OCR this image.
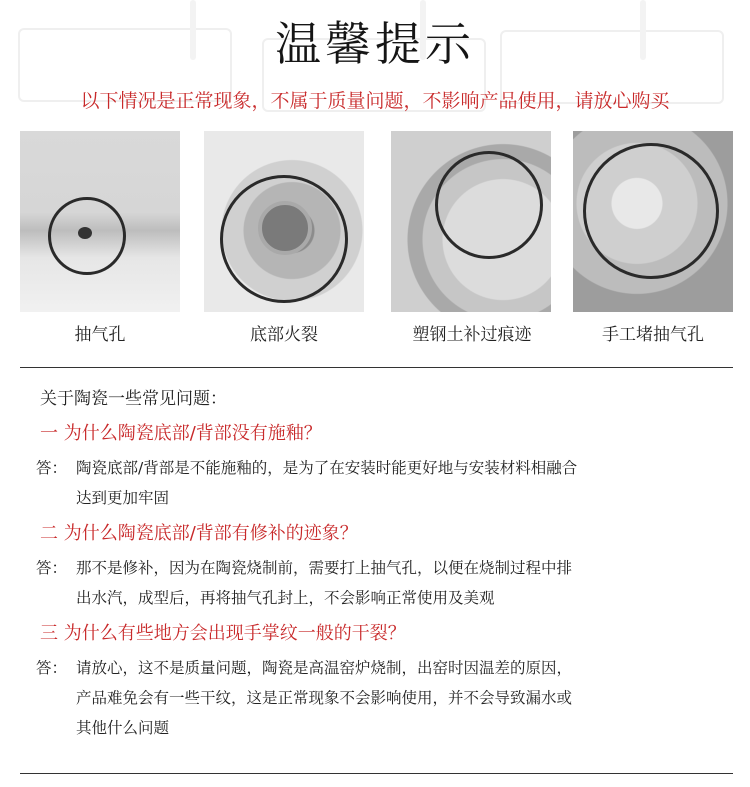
温馨提示
以下情况是正常现象，不属于质量问题，不影响产品使用，请放心购买
抽气孔	底部火裂	塑钢土补过痕迹	手工堵抽气孔
关于陶瓷一些常见问题：
一 为什么陶瓷底部/背部没有施釉？
答： 陶瓷底部/背部是不能施釉的，是为了在安装时能更好地与安装材料相融合
达到更加牢固
二 为什么陶瓷底部/背部有修补的迹象？
答： 那不是修补，因为在陶瓷烧制前，需要打上抽气孔，以便在烧制过程中排
出水汽，成型后，再将抽气孔封上，不会影响正常使用及美观
三 为什么有些地方会出现手掌纹一般的干裂？
答： 请放心，这不是质量问题，陶瓷是高温窑炉烧制，出窑时因温差的原因，
产品难免会有一些干纹，这是正常现象不会影响使用，并不会导致漏水或
其他什么问题
